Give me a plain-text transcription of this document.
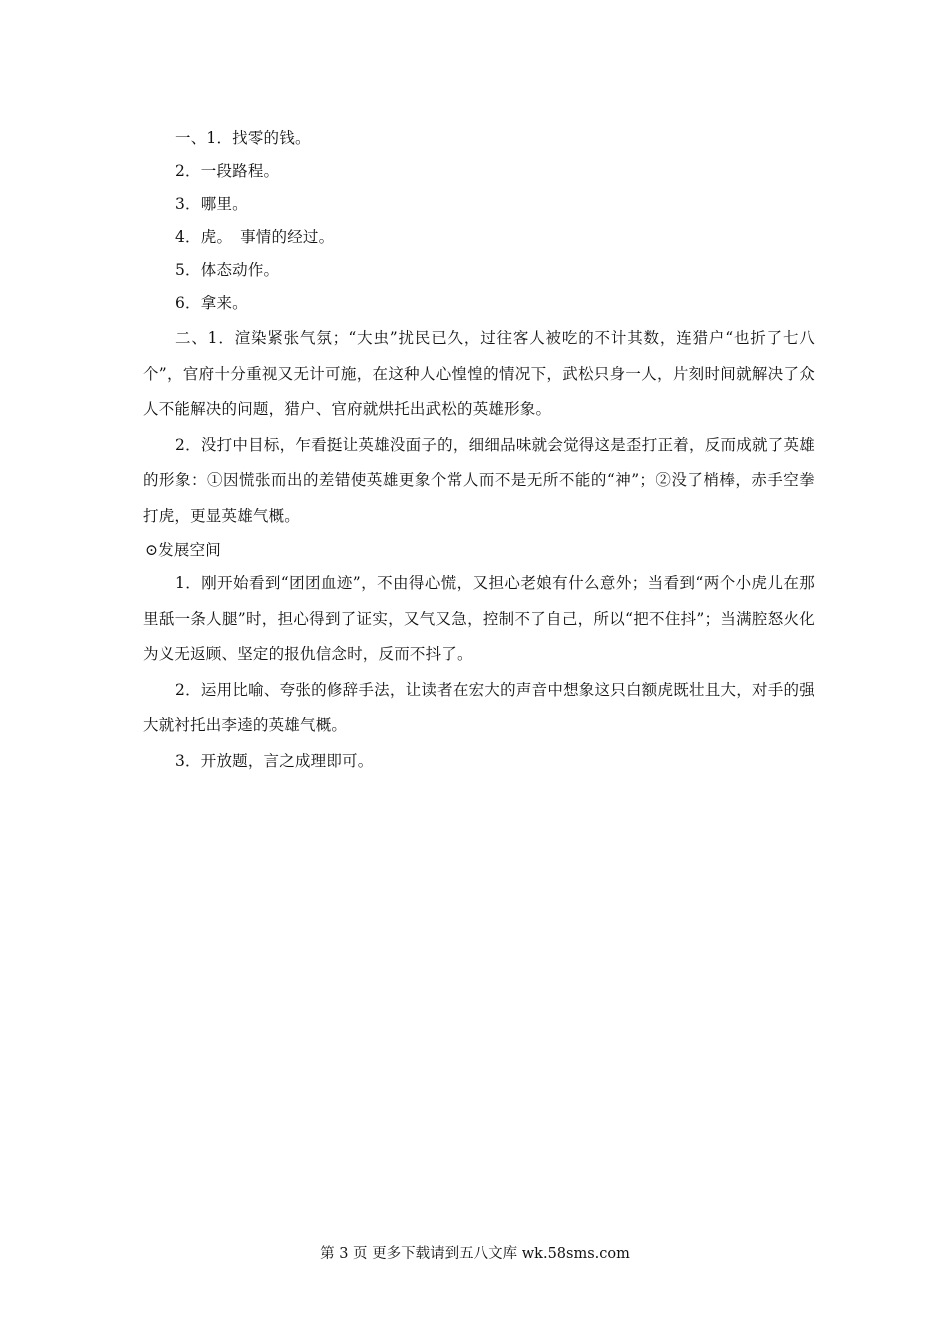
一、1．找零的钱。
2．一段路程。
3．哪里。
4．虎。　事情的经过。
5．体态动作。
6．拿来。

二、1．渲染紧张气氛；“大虫”扰民已久，过往客人被吃的不计其数，连猎户“也折了七八个”，官府十分重视又无计可施，在这种人心惶惶的情况下，武松只身一人，片刻时间就解决了众人不能解决的问题，猎户、官府就烘托出武松的英雄形象。

2．没打中目标，乍看挺让英雄没面子的，细细品味就会觉得这是歪打正着，反而成就了英雄的形象：①因慌张而出的差错使英雄更象个常人而不是无所不能的“神”；②没了梢棒，赤手空拳打虎，更显英雄气概。

⊙发展空间

1．刚开始看到“团团血迹”，不由得心慌，又担心老娘有什么意外；当看到“两个小虎儿在那里舐一条人腿”时，担心得到了证实，又气又急，控制不了自己，所以“把不住抖”；当满腔怒火化为义无返顾、坚定的报仇信念时，反而不抖了。

2．运用比喻、夸张的修辞手法，让读者在宏大的声音中想象这只白额虎既壮且大，对手的强大就衬托出李逵的英雄气概。

3．开放题，言之成理即可。

第 3 页 更多下载请到五八文库 wk.58sms.com
